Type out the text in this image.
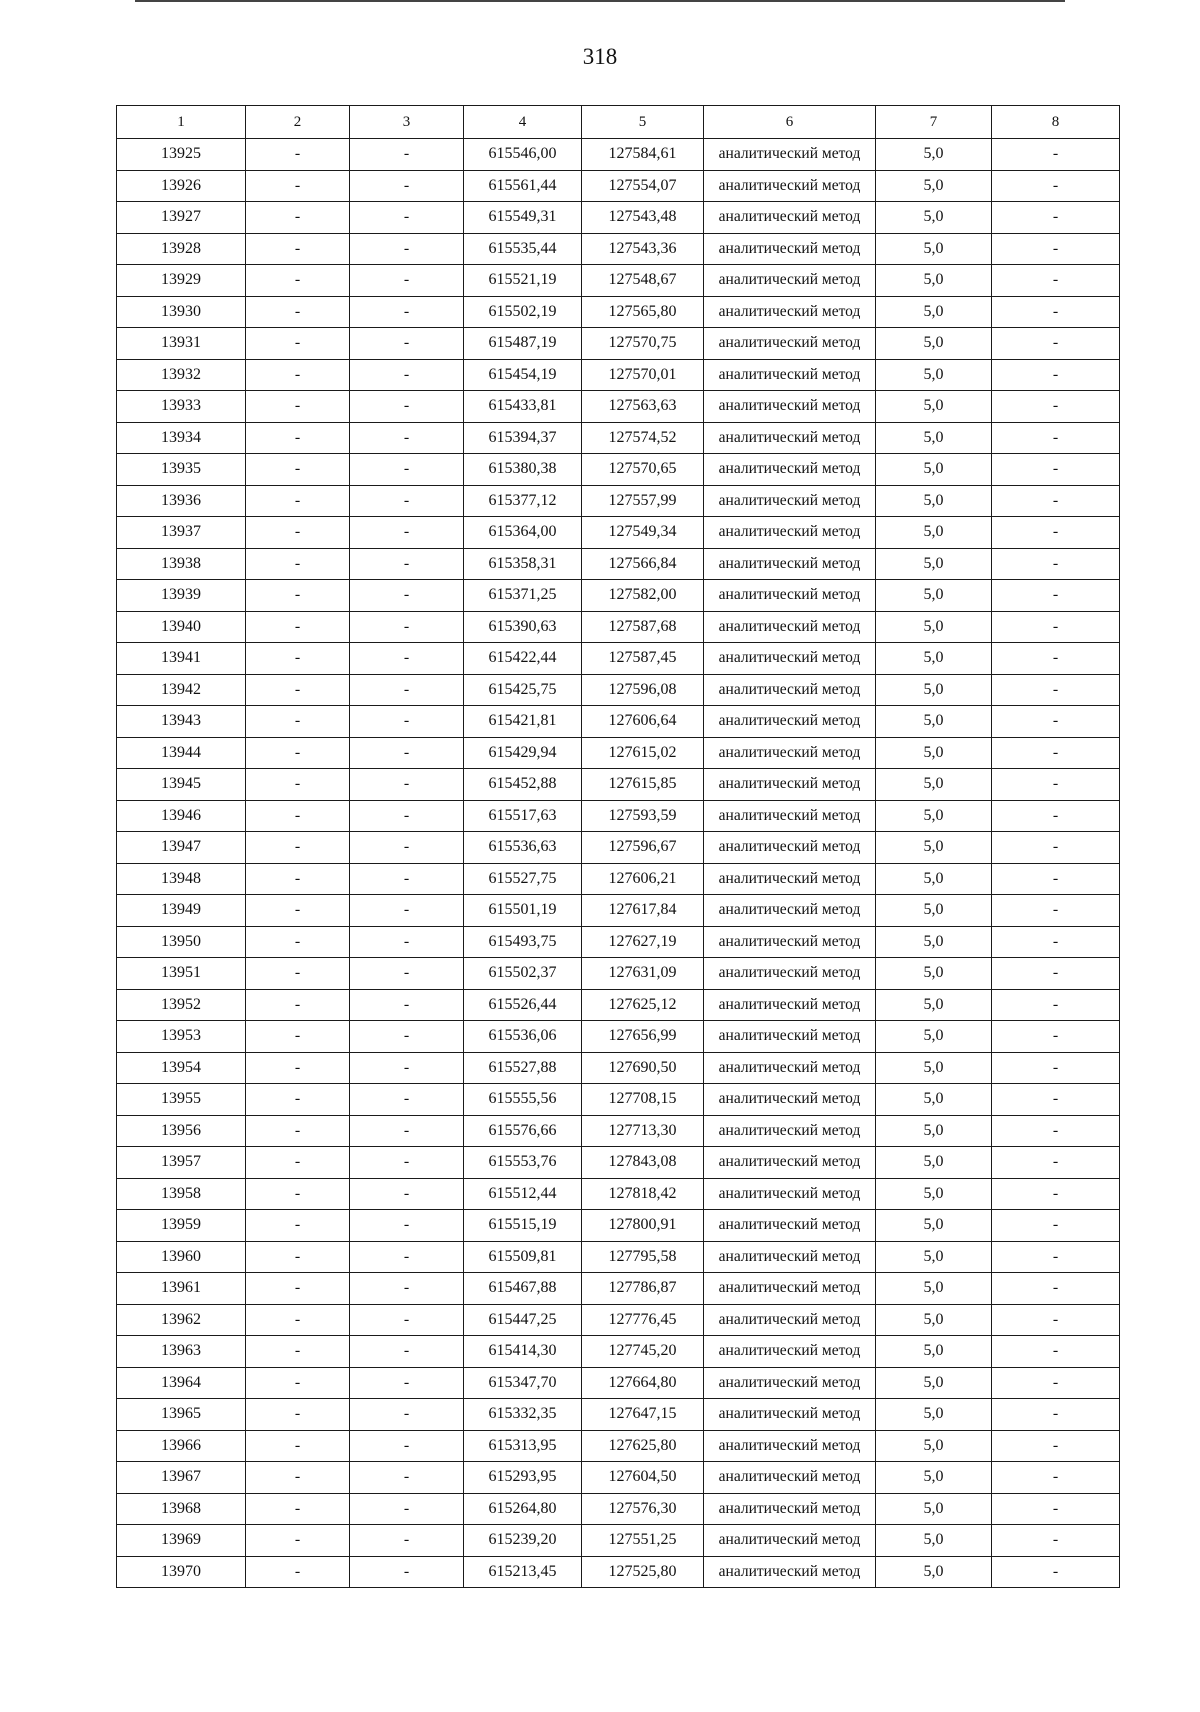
318
1	2	3	4	5	6	7	8
13925	-	-	615546,00	127584,61	аналитический метод	5,0	-
13926	-	-	615561,44	127554,07	аналитический метод	5,0	-
13927	-	-	615549,31	127543,48	аналитический метод	5,0	-
13928	-	-	615535,44	127543,36	аналитический метод	5,0	-
13929	-	-	615521,19	127548,67	аналитический метод	5,0	-
13930	-	-	615502,19	127565,80	аналитический метод	5,0	-
13931	-	-	615487,19	127570,75	аналитический метод	5,0	-
13932	-	-	615454,19	127570,01	аналитический метод	5,0	-
13933	-	-	615433,81	127563,63	аналитический метод	5,0	-
13934	-	-	615394,37	127574,52	аналитический метод	5,0	-
13935	-	-	615380,38	127570,65	аналитический метод	5,0	-
13936	-	-	615377,12	127557,99	аналитический метод	5,0	-
13937	-	-	615364,00	127549,34	аналитический метод	5,0	-
13938	-	-	615358,31	127566,84	аналитический метод	5,0	-
13939	-	-	615371,25	127582,00	аналитический метод	5,0	-
13940	-	-	615390,63	127587,68	аналитический метод	5,0	-
13941	-	-	615422,44	127587,45	аналитический метод	5,0	-
13942	-	-	615425,75	127596,08	аналитический метод	5,0	-
13943	-	-	615421,81	127606,64	аналитический метод	5,0	-
13944	-	-	615429,94	127615,02	аналитический метод	5,0	-
13945	-	-	615452,88	127615,85	аналитический метод	5,0	-
13946	-	-	615517,63	127593,59	аналитический метод	5,0	-
13947	-	-	615536,63	127596,67	аналитический метод	5,0	-
13948	-	-	615527,75	127606,21	аналитический метод	5,0	-
13949	-	-	615501,19	127617,84	аналитический метод	5,0	-
13950	-	-	615493,75	127627,19	аналитический метод	5,0	-
13951	-	-	615502,37	127631,09	аналитический метод	5,0	-
13952	-	-	615526,44	127625,12	аналитический метод	5,0	-
13953	-	-	615536,06	127656,99	аналитический метод	5,0	-
13954	-	-	615527,88	127690,50	аналитический метод	5,0	-
13955	-	-	615555,56	127708,15	аналитический метод	5,0	-
13956	-	-	615576,66	127713,30	аналитический метод	5,0	-
13957	-	-	615553,76	127843,08	аналитический метод	5,0	-
13958	-	-	615512,44	127818,42	аналитический метод	5,0	-
13959	-	-	615515,19	127800,91	аналитический метод	5,0	-
13960	-	-	615509,81	127795,58	аналитический метод	5,0	-
13961	-	-	615467,88	127786,87	аналитический метод	5,0	-
13962	-	-	615447,25	127776,45	аналитический метод	5,0	-
13963	-	-	615414,30	127745,20	аналитический метод	5,0	-
13964	-	-	615347,70	127664,80	аналитический метод	5,0	-
13965	-	-	615332,35	127647,15	аналитический метод	5,0	-
13966	-	-	615313,95	127625,80	аналитический метод	5,0	-
13967	-	-	615293,95	127604,50	аналитический метод	5,0	-
13968	-	-	615264,80	127576,30	аналитический метод	5,0	-
13969	-	-	615239,20	127551,25	аналитический метод	5,0	-
13970	-	-	615213,45	127525,80	аналитический метод	5,0	-
